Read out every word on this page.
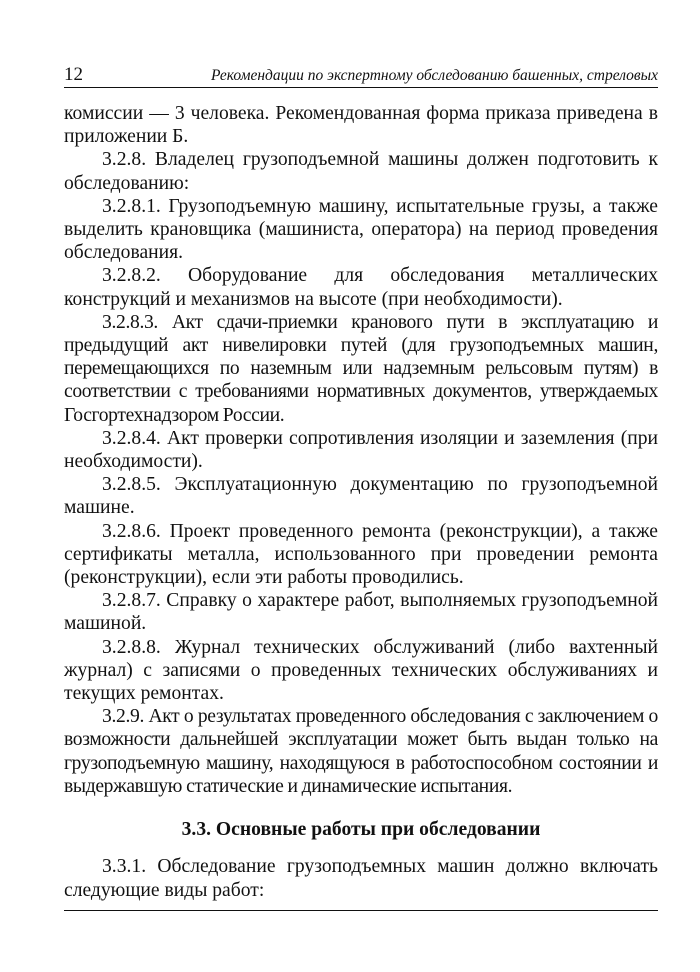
12	Рекомендации по экспертному обследованию башенных, стреловых

комиссии — 3 человека. Рекомендованная форма приказа приведена в приложении Б.

3.2.8. Владелец грузоподъемной машины должен подготовить к обследованию:

3.2.8.1. Грузоподъемную машину, испытательные грузы, а также выделить крановщика (машиниста, оператора) на период проведения обследования.

3.2.8.2. Оборудование для обследования металлических конструкций и механизмов на высоте (при необходимости).

3.2.8.3. Акт сдачи-приемки кранового пути в эксплуатацию и предыдущий акт нивелировки путей (для грузоподъемных машин, перемещающихся по наземным или надземным рельсовым путям) в соответствии с требованиями нормативных документов, утверждаемых Госгортехнадзором России.

3.2.8.4. Акт проверки сопротивления изоляции и заземления (при необходимости).

3.2.8.5. Эксплуатационную документацию по грузоподъемной машине.

3.2.8.6. Проект проведенного ремонта (реконструкции), а также сертификаты металла, использованного при проведении ремонта (реконструкции), если эти работы проводились.

3.2.8.7. Справку о характере работ, выполняемых грузоподъемной машиной.

3.2.8.8. Журнал технических обслуживаний (либо вахтенный журнал) с записями о проведенных технических обслуживаниях и текущих ремонтах.

3.2.9. Акт о результатах проведенного обследования с заключением о возможности дальнейшей эксплуатации может быть выдан только на грузоподъемную машину, находящуюся в работоспособном состоянии и выдержавшую статические и динамические испытания.

3.3. Основные работы при обследовании

3.3.1. Обследование грузоподъемных машин должно включать следующие виды работ:
